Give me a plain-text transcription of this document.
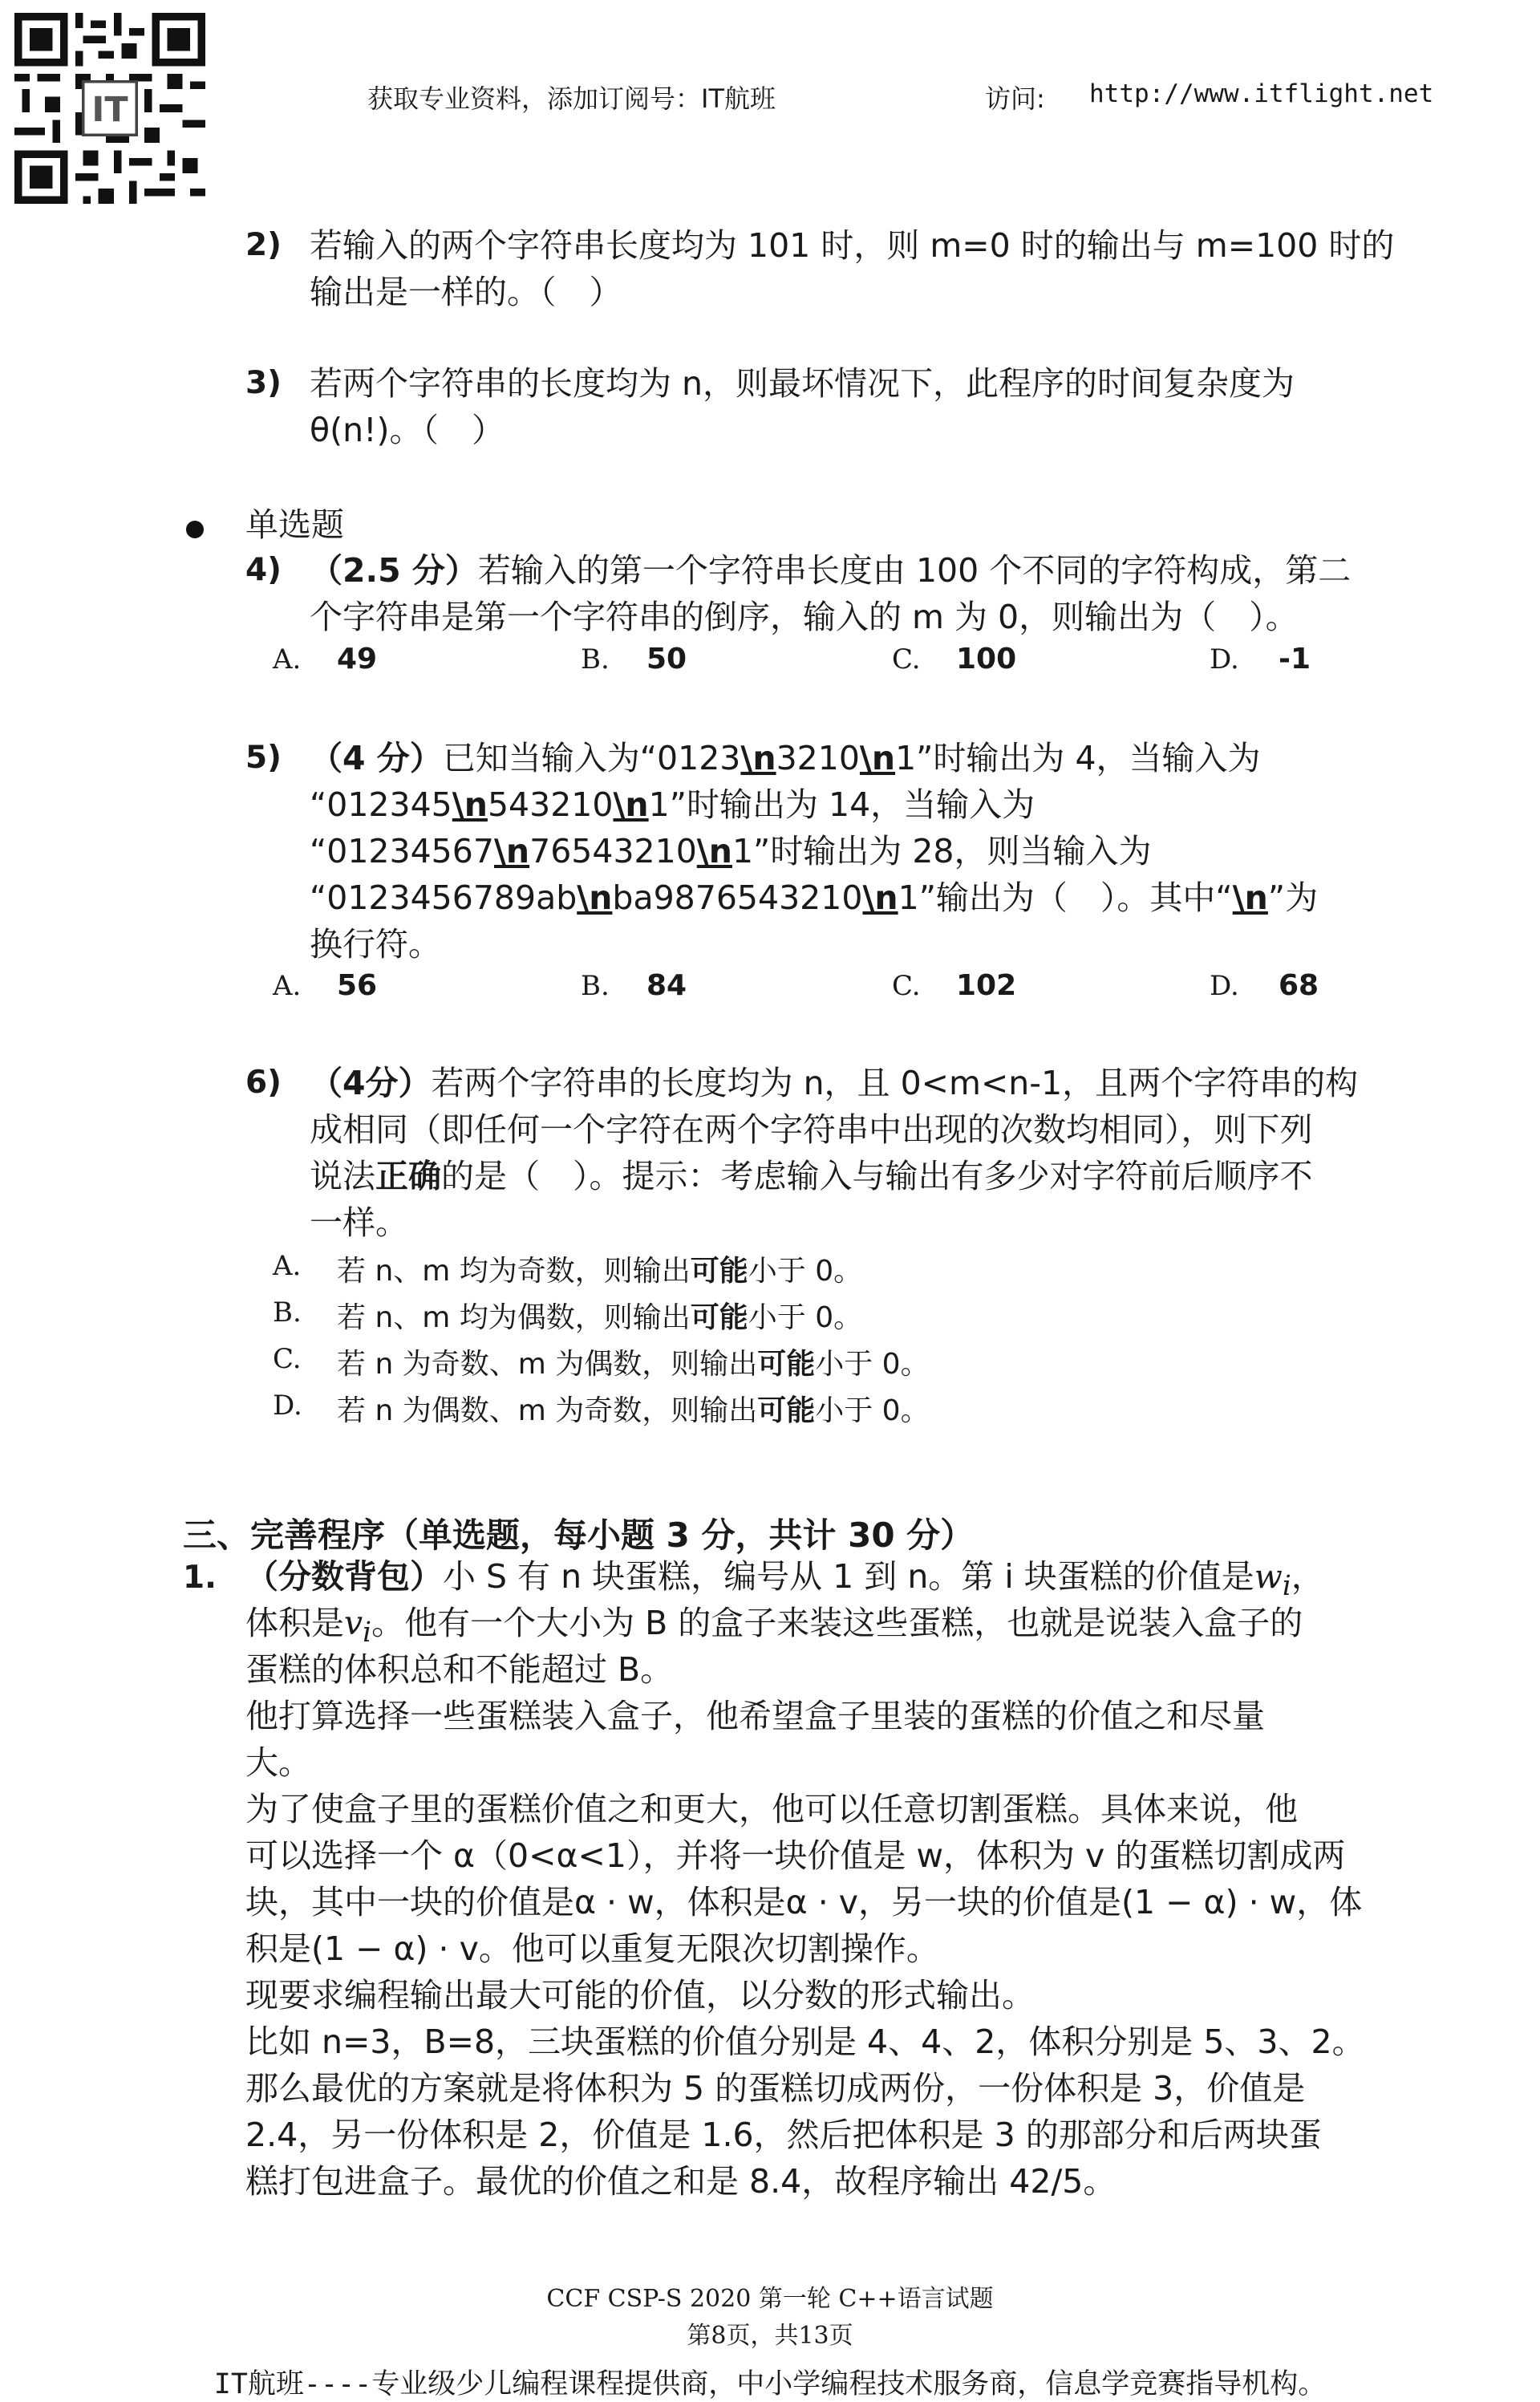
IT	获取专业资料，添加订阅号：IT航班	访问: http://www.itflight.net
2) 若输入的两个字符串长度均为 101 时，则 m=0 时的输出与 m=100 时的
输出是一样的。（　）
3) 若两个字符串的长度均为 n，则最坏情况下，此程序的时间复杂度为
θ(n!)。（　）
单选题
4) （2.5 分）若输入的第一个字符串长度由 100 个不同的字符构成，第二
个字符串是第一个字符串的倒序，输入的 m 为 0，则输出为（　）。
A. 49	B. 50	C. 100	D. -1
5) （4 分）已知当输入为“0123\n3210\n1”时输出为 4，当输入为
“012345\n543210\n1”时输出为 14，当输入为
“01234567\n76543210\n1”时输出为 28，则当输入为
“0123456789ab\nba9876543210\n1”输出为（　）。其中“\n”为
换行符。
A. 56	B. 84	C. 102	D. 68
6) （4分）若两个字符串的长度均为 n，且 0<m<n-1，且两个字符串的构
成相同（即任何一个字符在两个字符串中出现的次数均相同），则下列
说法正确的是（　）。提示：考虑输入与输出有多少对字符前后顺序不
一样。
A. 若 n、m 均为奇数，则输出可能小于 0。
B. 若 n、m 均为偶数，则输出可能小于 0。
C. 若 n 为奇数、m 为偶数，则输出可能小于 0。
D. 若 n 为偶数、m 为奇数，则输出可能小于 0。
三、完善程序（单选题，每小题 3 分，共计 30 分）
1. （分数背包）小 S 有 n 块蛋糕，编号从 1 到 n。第 i 块蛋糕的价值是$w_i$，
体积是$v_i$。他有一个大小为 B 的盒子来装这些蛋糕，也就是说装入盒子的
蛋糕的体积总和不能超过 B。
他打算选择一些蛋糕装入盒子，他希望盒子里装的蛋糕的价值之和尽量
大。
为了使盒子里的蛋糕价值之和更大，他可以任意切割蛋糕。具体来说，他
可以选择一个 α（0<α<1），并将一块价值是 w，体积为 v 的蛋糕切割成两
块，其中一块的价值是α · w，体积是α · v，另一块的价值是(1 − α) · w，体
积是(1 − α) · v。他可以重复无限次切割操作。
现要求编程输出最大可能的价值，以分数的形式输出。
比如 n=3，B=8，三块蛋糕的价值分别是 4、4、2，体积分别是 5、3、2。
那么最优的方案就是将体积为 5 的蛋糕切成两份，一份体积是 3，价值是
2.4，另一份体积是 2，价值是 1.6，然后把体积是 3 的那部分和后两块蛋
糕打包进盒子。最优的价值之和是 8.4，故程序输出 42/5。
CCF CSP-S 2020 第一轮 C++语言试题
第8页，共13页
IT航班----专业级少儿编程课程提供商，中小学编程技术服务商，信息学竞赛指导机构。
